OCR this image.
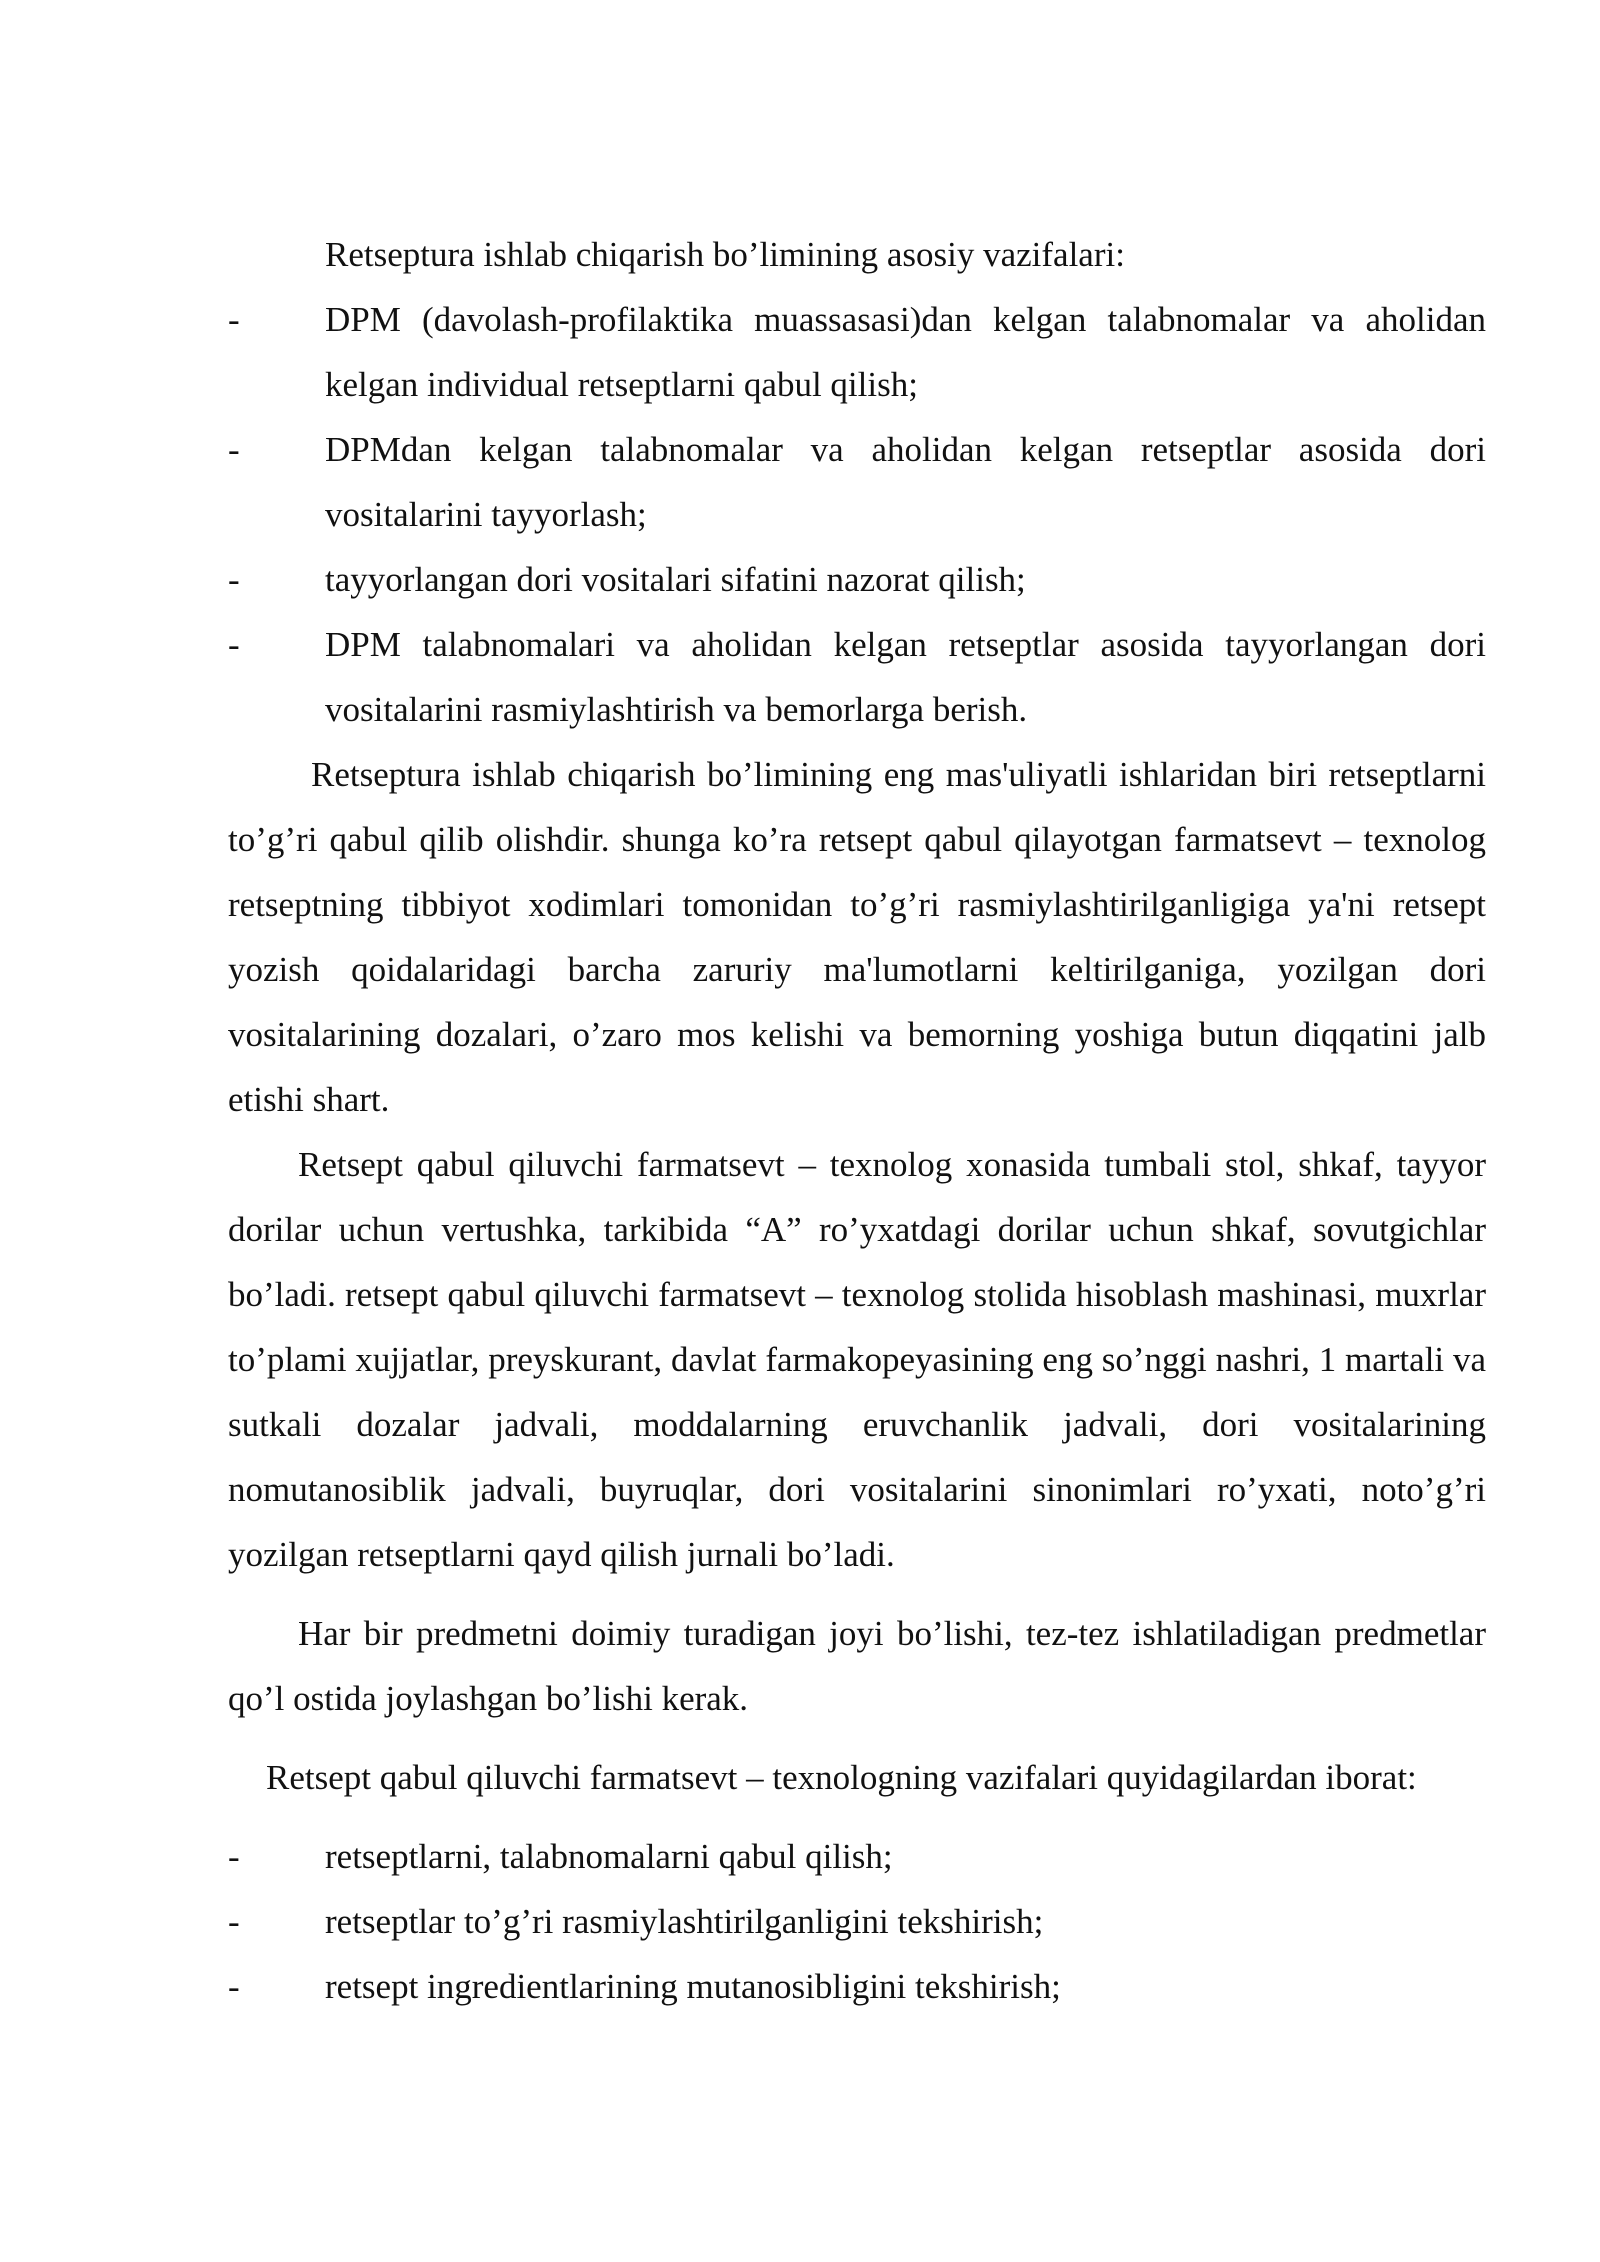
Retseptura ishlab chiqarish bo’limining asosiy vazifalari:

- DPM (davolash-profilaktika muassasasi)dan kelgan talabnomalar va aholidan kelgan individual retseptlarni qabul qilish;
- DPMdan kelgan talabnomalar va aholidan kelgan retseptlar asosida dori vositalarini tayyorlash;
- tayyorlangan dori vositalari sifatini nazorat qilish;
- DPM talabnomalari va aholidan kelgan retseptlar asosida tayyorlangan dori vositalarini rasmiylashtirish va bemorlarga berish.

Retseptura ishlab chiqarish bo’limining eng mas'uliyatli ishlaridan biri retseptlarni to’g’ri qabul qilib olishdir. shunga ko’ra retsept qabul qilayotgan farmatsevt – texnolog retseptning tibbiyot xodimlari tomonidan to’g’ri rasmiylashtirilganligiga ya'ni retsept yozish qoidalaridagi barcha zaruriy ma'lumotlarni keltirilganiga, yozilgan dori vositalarining dozalari, o’zaro mos kelishi va bemorning yoshiga butun diqqatini jalb etishi shart.

Retsept qabul qiluvchi farmatsevt – texnolog xonasida tumbali stol, shkaf, tayyor dorilar uchun vertushka, tarkibida “A” ro’yxatdagi dorilar uchun shkaf, sovutgichlar bo’ladi. retsept qabul qiluvchi farmatsevt – texnolog stolida hisoblash mashinasi, muxrlar to’plami xujjatlar, preyskurant, davlat farmakopeyasining eng so’nggi nashri, 1 martali va sutkali dozalar jadvali, moddalarning eruvchanlik jadvali, dori vositalarining nomutanosiblik jadvali, buyruqlar, dori vositalarini sinonimlari ro’yxati, noto’g’ri yozilgan retseptlarni qayd qilish jurnali bo’ladi.

Har bir predmetni doimiy turadigan joyi bo’lishi, tez-tez ishlatiladigan predmetlar qo’l ostida joylashgan bo’lishi kerak.

Retsept qabul qiluvchi farmatsevt – texnologning vazifalari quyidagilardan iborat:

- retseptlarni, talabnomalarni qabul qilish;
- retseptlar to’g’ri rasmiylashtirilganligini tekshirish;
- retsept ingredientlarining mutanosibligini tekshirish;
